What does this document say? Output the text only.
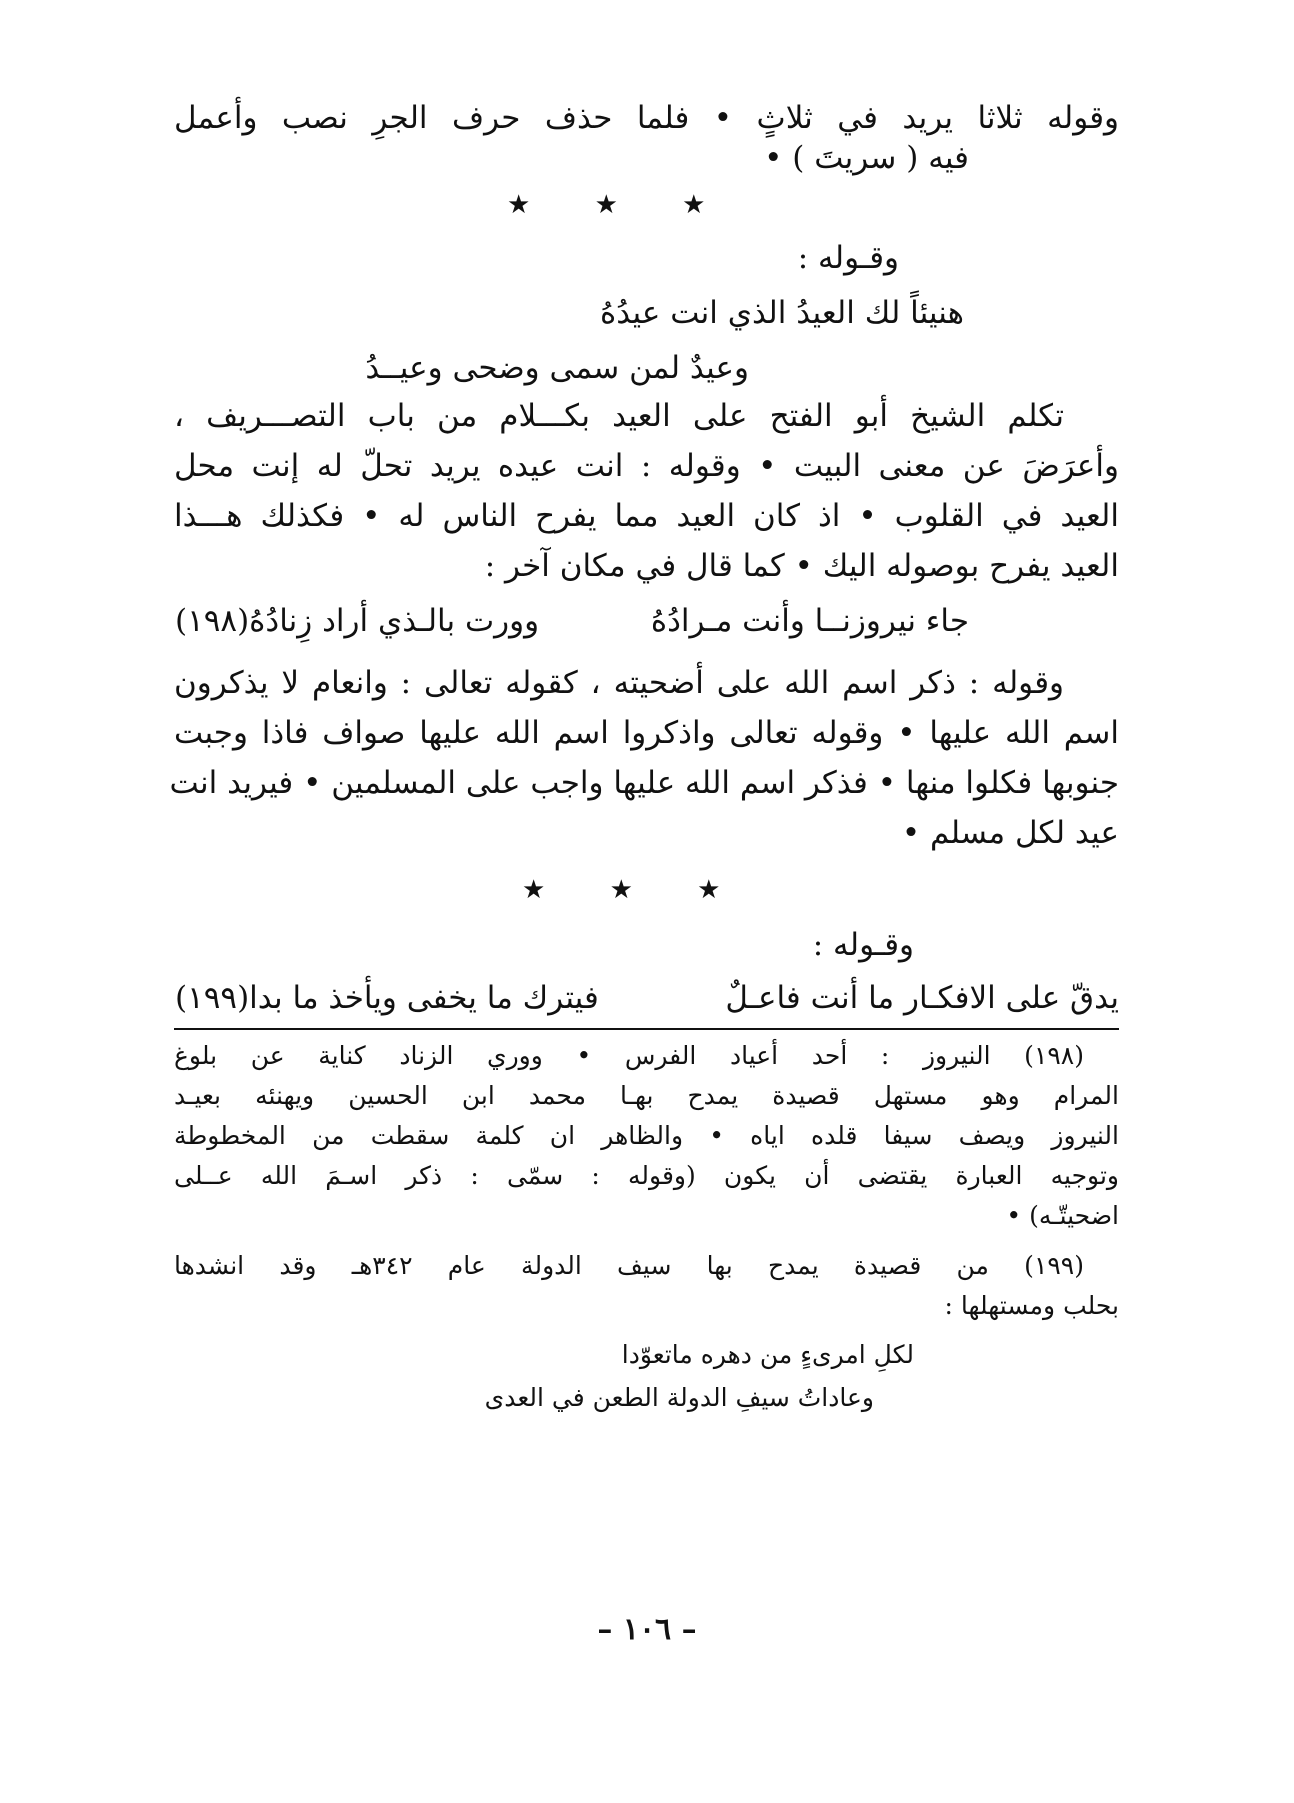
وقوله ثلاثا يريد في ثلاثٍ • فلما حذف حرف الجرِ نصب وأعمل
فيه ( سريتَ ) •
★ ★ ★
وقـوله :
هنيئاً لك العيدُ الذي انت عيدُهُ
وعيدٌ لمن سمى وضحى وعيــدُ
تكلم الشيخ أبو الفتح على العيد بكـــلام من باب التصـــريف ،
وأعرَضَ عن معنى البيت • وقوله : انت عيده يريد تحلّ له إنت محل
العيد في القلوب • اذ كان العيد مما يفرح الناس له • فكذلك هـــذا
العيد يفرح بوصوله اليك • كما قال في مكان آخر :
جاء نيروزنــا وأنت مـرادُهُ
وورت بالـذي أراد زِنادُهُ(١٩٨)
وقوله : ذكر اسم الله على أضحيته ، كقوله تعالى : وانعام لا يذكرون
اسم الله عليها • وقوله تعالى واذكروا اسم الله عليها صواف فاذا وجبت
جنوبها فكلوا منها • فذكر اسم الله عليها واجب على المسلمين • فيريد انت
عيد لكل مسلم •
★ ★ ★
وقـوله :
يدقّ على الافكـار ما أنت فاعـلٌ
فيترك ما يخفى ويأخذ ما بدا(١٩٩)
(١٩٨) النيروز : أحد أعياد الفرس • ووري الزناد كناية عن بلوغ
المرام وهو مستهل قصيدة يمدح بهـا محمد ابن الحسين ويهنئه بعيـد
النيروز ويصف سيفا قلده اياه • والظاهر ان كلمة سقطت من المخطوطة
وتوجيه العبارة يقتضى أن يكون (وقوله : سمّى : ذكر اسـمَ الله عــلى
اضحيتّـه) •
(١٩٩) من قصيدة يمدح بها سيف الدولة عام ٣٤٢هـ وقد انشدها
بحلب ومستهلها :
لكلِ امرىءٍ من دهره ماتعوّدا
وعاداتُ سيفِ الدولة الطعن في العدى
– ١٠٦ –
